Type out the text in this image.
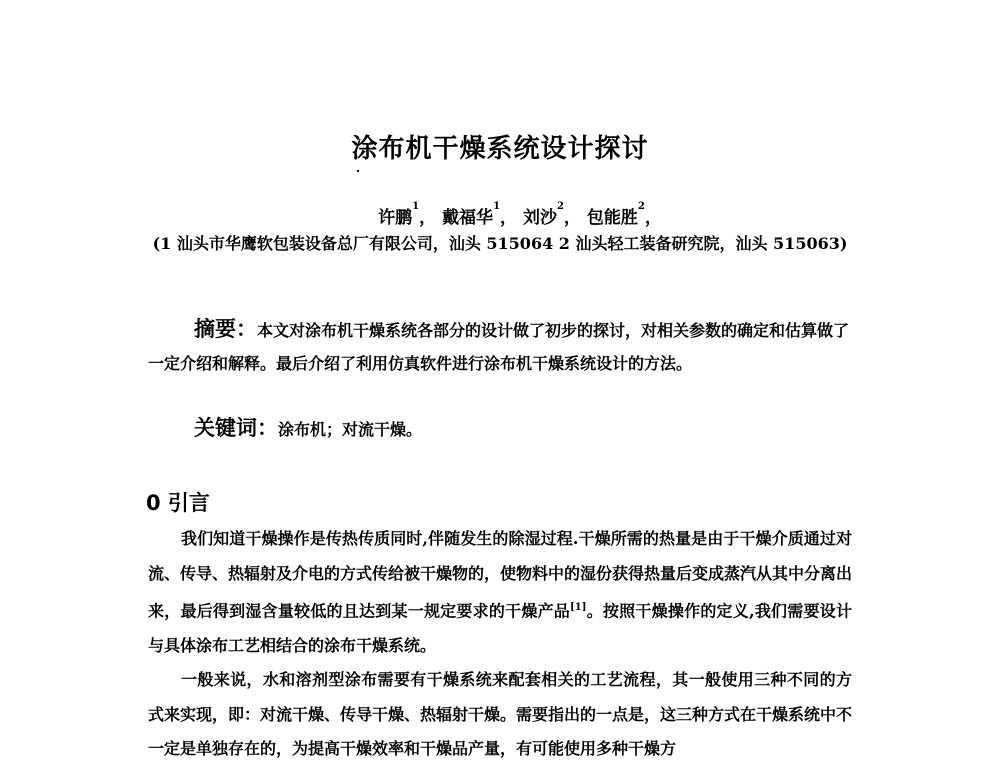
涂布机干燥系统设计探讨
许鹏$^1$， 戴福华$^1$， 刘沙$^2$， 包能胜$^2$，
(1 汕头市华鹰软包装设备总厂有限公司，汕头 515064 2 汕头轻工装备研究院，汕头 515063)
摘要：本文对涂布机干燥系统各部分的设计做了初步的探讨，对相关参数的确定和估算做了一定介绍和解释。最后介绍了利用仿真软件进行涂布机干燥系统设计的方法。
关键词：涂布机；对流干燥。
0 引言

我们知道干燥操作是传热传质同时,伴随发生的除湿过程.干燥所需的热量是由于干燥介质通过对流、传导、热辐射及介电的方式传给被干燥物的，使物料中的湿份获得热量后变成蒸汽从其中分离出来，最后得到湿含量较低的且达到某一规定要求的干燥产品[1]。按照干燥操作的定义,我们需要设计与具体涂布工艺相结合的涂布干燥系统。

一般来说，水和溶剂型涂布需要有干燥系统来配套相关的工艺流程，其一般使用三种不同的方式来实现，即：对流干燥、传导干燥、热辐射干燥。需要指出的一点是，这三种方式在干燥系统中不一定是单独存在的，为提高干燥效率和干燥品产量，有可能使用多种干燥方
